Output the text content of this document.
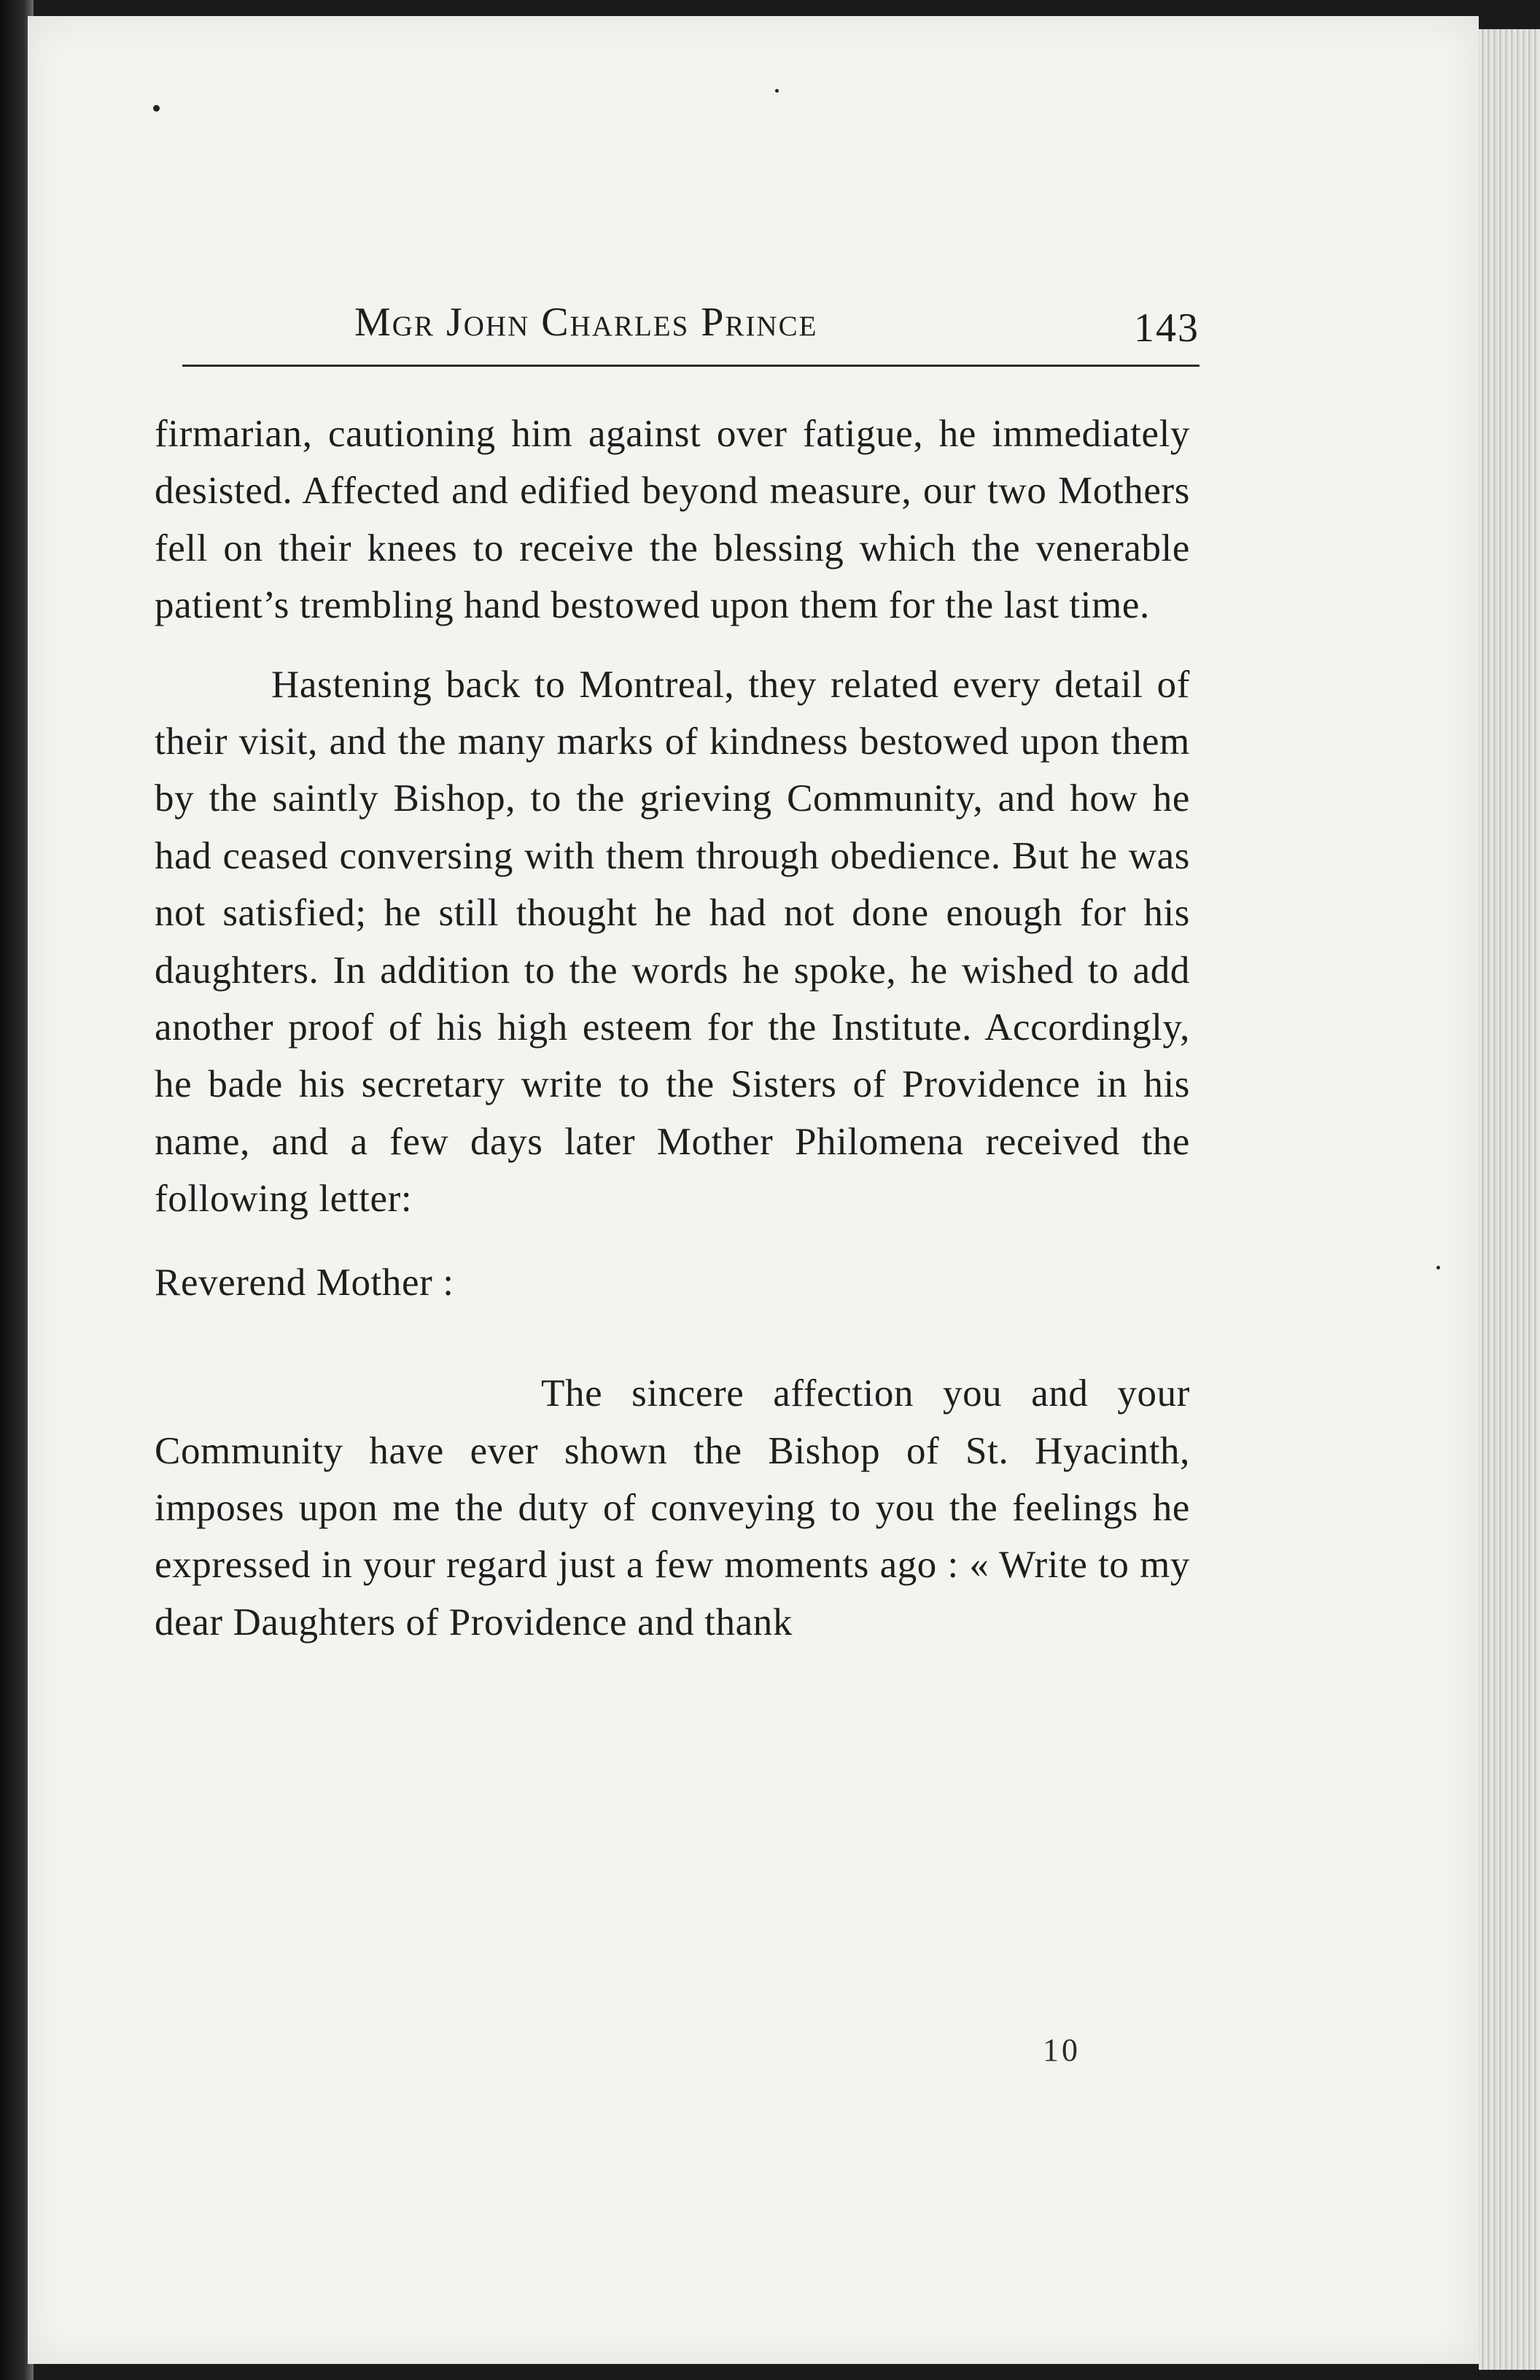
Mgr John Charles Prince	143

firmarian, cautioning him against over fatigue, he immediately desisted. Affected and edified beyond measure, our two Mothers fell on their knees to receive the blessing which the venerable patient’s trembling hand bestowed upon them for the last time.

Hastening back to Montreal, they related every detail of their visit, and the many marks of kindness bestowed upon them by the saintly Bishop, to the grieving Community, and how he had ceased conversing with them through obedience. But he was not satisfied; he still thought he had not done enough for his daughters. In addition to the words he spoke, he wished to add another proof of his high esteem for the Institute. Accordingly, he bade his secretary write to the Sisters of Providence in his name, and a few days later Mother Philomena received the following letter:

Reverend Mother :

The sincere affection you and your Community have ever shown the Bishop of St. Hyacinth, imposes upon me the duty of conveying to you the feelings he expressed in your regard just a few moments ago : « Write to my dear Daughters of Providence and thank

10
